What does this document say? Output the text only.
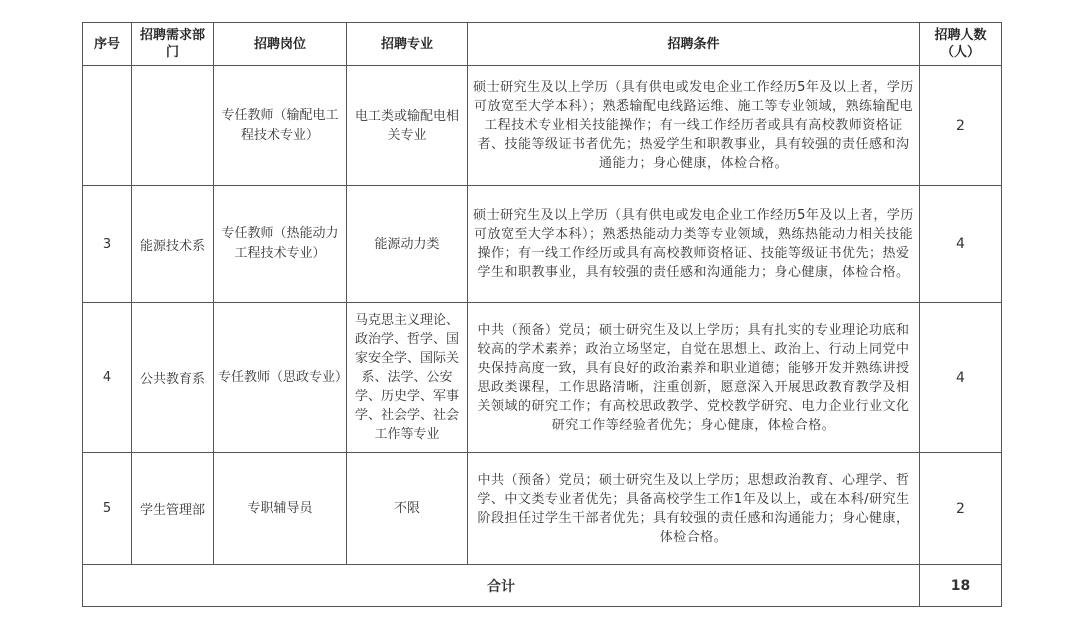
序号	招聘需求部门	招聘岗位	招聘专业	招聘条件	招聘人数（人）
		专任教师（输配电工程技术专业）	电工类或输配电相关专业	硕士研究生及以上学历（具有供电或发电企业工作经历5年及以上者，学历可放宽至大学本科）；熟悉输配电线路运维、施工等专业领域，熟练输配电工程技术专业相关技能操作；有一线工作经历者或具有高校教师资格证者、技能等级证书者优先；热爱学生和职教事业，具有较强的责任感和沟通能力；身心健康，体检合格。	2
3	能源技术系	专任教师（热能动力工程技术专业）	能源动力类	硕士研究生及以上学历（具有供电或发电企业工作经历5年及以上者，学历可放宽至大学本科）；熟悉热能动力类等专业领域，熟练热能动力相关技能操作；有一线工作经历或具有高校教师资格证、技能等级证书优先；热爱学生和职教事业，具有较强的责任感和沟通能力；身心健康，体检合格。	4
4	公共教育系	专任教师（思政专业）	马克思主义理论、政治学、哲学、国家安全学、国际关系、法学、公安学、历史学、军事学、社会学、社会工作等专业	中共（预备）党员；硕士研究生及以上学历；具有扎实的专业理论功底和较高的学术素养；政治立场坚定，自觉在思想上、政治上、行动上同党中央保持高度一致，具有良好的政治素养和职业道德；能够开发并熟练讲授思政类课程，工作思路清晰，注重创新，愿意深入开展思政教育教学及相关领域的研究工作；有高校思政教学、党校教学研究、电力企业行业文化研究工作等经验者优先；身心健康，体检合格。	4
5	学生管理部	专职辅导员	不限	中共（预备）党员；硕士研究生及以上学历；思想政治教育、心理学、哲学、中文类专业者优先；具备高校学生工作1年及以上，或在本科/研究生阶段担任过学生干部者优先；具有较强的责任感和沟通能力；身心健康，体检合格。	2
合计					18
